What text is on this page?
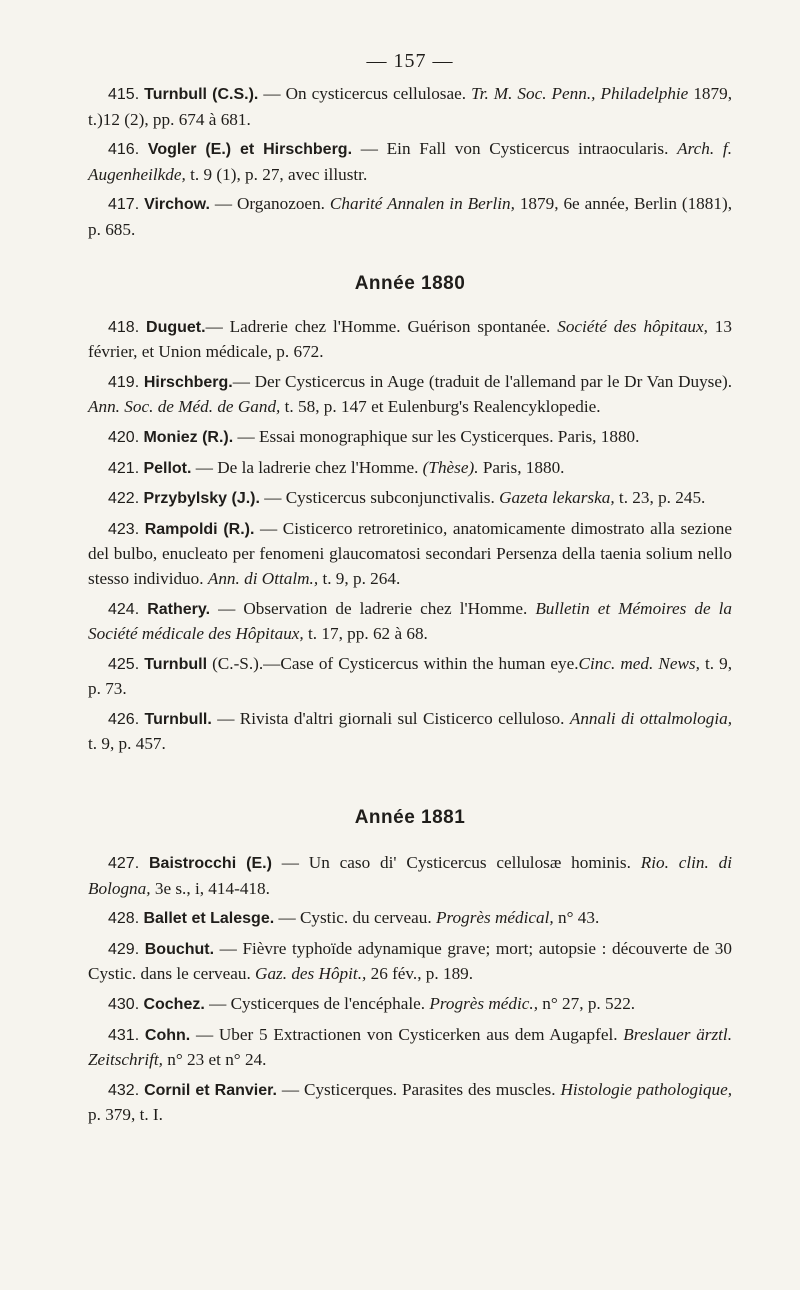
— 157 —

415. Turnbull (C.S.). — On cysticercus cellulosae. Tr. M. Soc. Penn., Philadelphie 1879, t.)12 (2), pp. 674 à 681.

416. Vogler (E.) et Hirschberg. — Ein Fall von Cysticercus intraocularis. Arch. f. Augenheilkde, t. 9 (1), p. 27, avec illustr.

417. Virchow. — Organozoen. Charité Annalen in Berlin, 1879, 6e année, Berlin (1881), p. 685.

Année 1880

418. Duguet.— Ladrerie chez l'Homme. Guérison spontanée. Société des hôpitaux, 13 février, et Union médicale, p. 672.

419. Hirschberg.— Der Cysticercus in Auge (traduit de l'allemand par le Dr Van Duyse). Ann. Soc. de Méd. de Gand, t. 58, p. 147 et Eulenburg's Realencyklopedie.

420. Moniez (R.). — Essai monographique sur les Cysticerques. Paris, 1880.

421. Pellot. — De la ladrerie chez l'Homme. (Thèse). Paris, 1880.

422. Przybylsky (J.). — Cysticercus subconjunctivalis. Gazeta lekarska, t. 23, p. 245.

423. Rampoldi (R.). — Cisticerco retroretinico, anatomicamente dimostrato alla sezione del bulbo, enucleato per fenomeni glaucomatosi secondari Persenza della taenia solium nello stesso individuo. Ann. di Ottalm., t. 9, p. 264.

424. Rathery. — Observation de ladrerie chez l'Homme. Bulletin et Mémoires de la Société médicale des Hôpitaux, t. 17, pp. 62 à 68.

425. Turnbull (C.-S.).—Case of Cysticercus within the human eye.Cinc. med. News, t. 9, p. 73.

426. Turnbull. — Rivista d'altri giornali sul Cisticerco celluloso. Annali di ottalmologia, t. 9, p. 457.

Année 1881

427. Baistrocchi (E.) — Un caso di' Cysticercus cellulosæ hominis. Rio. clin. di Bologna, 3e s., i, 414-418.

428. Ballet et Lalesge. — Cystic. du cerveau. Progrès médical, n° 43.

429. Bouchut. — Fièvre typhoïde adynamique grave; mort; autopsie : découverte de 30 Cystic. dans le cerveau. Gaz. des Hôpit., 26 fév., p. 189.

430. Cochez. — Cysticerques de l'encéphale. Progrès médic., n° 27, p. 522.

431. Cohn. — Uber 5 Extractionen von Cysticerken aus dem Augapfel. Breslauer ärztl. Zeitschrift, n° 23 et n° 24.

432. Cornil et Ranvier. — Cysticerques. Parasites des muscles. Histologie pathologique, p. 379, t. I.
